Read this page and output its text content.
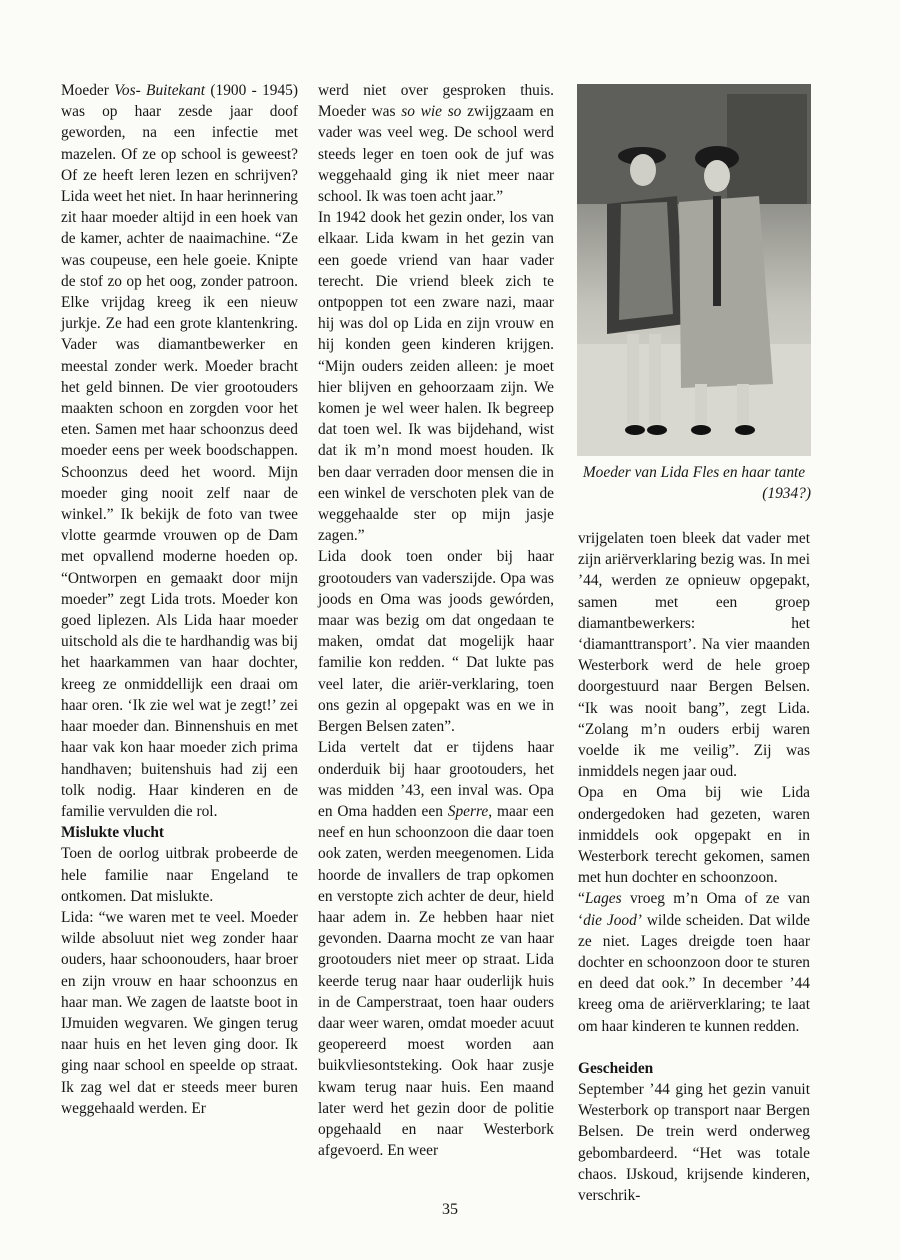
Moeder Vos- Buitekant (1900 - 1945) was op haar zesde jaar doof geworden, na een infectie met mazelen. Of ze op school is geweest? Of ze heeft leren lezen en schrijven? Lida weet het niet. In haar herinnering zit haar moeder altijd in een hoek van de kamer, achter de naaimachine. “Ze was coupeuse, een hele goeie. Knipte de stof zo op het oog, zonder patroon. Elke vrijdag kreeg ik een nieuw jurkje. Ze had een grote klantenkring. Vader was diamantbewerker en meestal zonder werk. Moeder bracht het geld binnen. De vier grootouders maakten schoon en zorgden voor het eten. Samen met haar schoonzus deed moeder eens per week boodschappen. Schoonzus deed het woord. Mijn moeder ging nooit zelf naar de winkel.” Ik bekijk de foto van twee vlotte gearmde vrouwen op de Dam met opvallend moderne hoeden op. “Ontworpen en gemaakt door mijn moeder” zegt Lida trots. Moeder kon goed liplezen. Als Lida haar moeder uitschold als die te hardhandig was bij het haarkammen van haar dochter, kreeg ze onmiddellijk een draai om haar oren. ‘Ik zie wel wat je zegt!’ zei haar moeder dan. Binnenshuis en met haar vak kon haar moeder zich prima handhaven; buitenshuis had zij een tolk nodig. Haar kinderen en de familie vervulden die rol.

Mislukte vlucht

Toen de oorlog uitbrak probeerde de hele familie naar Engeland te ontkomen. Dat mislukte.

Lida: “we waren met te veel. Moeder wilde absoluut niet weg zonder haar ouders, haar schoonouders, haar broer en zijn vrouw en haar schoonzus en haar man. We zagen de laatste boot in IJmuiden wegvaren. We gingen terug naar huis en het leven ging door. Ik ging naar school en speelde op straat. Ik zag wel dat er steeds meer buren weggehaald werden. Er

werd niet over gesproken thuis. Moeder was so wie so zwijgzaam en vader was veel weg. De school werd steeds leger en toen ook de juf was weggehaald ging ik niet meer naar school. Ik was toen acht jaar.”

In 1942 dook het gezin onder, los van elkaar. Lida kwam in het gezin van een goede vriend van haar vader terecht. Die vriend bleek zich te ontpoppen tot een zware nazi, maar hij was dol op Lida en zijn vrouw en hij konden geen kinderen krijgen. “Mijn ouders zeiden alleen: je moet hier blijven en gehoorzaam zijn. We komen je wel weer halen. Ik begreep dat toen wel. Ik was bijdehand, wist dat ik m’n mond moest houden. Ik ben daar verraden door mensen die in een winkel de verschoten plek van de weggehaalde ster op mijn jasje zagen.”

Lida dook toen onder bij haar grootouders van vaderszijde. Opa was joods en Oma was joods gewórden, maar was bezig om dat ongedaan te maken, omdat dat mogelijk haar familie kon redden. “ Dat lukte pas veel later, die ariër-verklaring, toen ons gezin al opgepakt was en we in Bergen Belsen zaten”.

Lida vertelt dat er tijdens haar onderduik bij haar grootouders, het was midden ’43, een inval was. Opa en Oma hadden een Sperre, maar een neef en hun schoonzoon die daar toen ook zaten, werden meegenomen. Lida hoorde de invallers de trap opkomen en verstopte zich achter de deur, hield haar adem in. Ze hebben haar niet gevonden. Daarna mocht ze van haar grootouders niet meer op straat. Lida keerde terug naar haar ouderlijk huis in de Camperstraat, toen haar ouders daar weer waren, omdat moeder acuut geopereerd moest worden aan buikvliesontsteking. Ook haar zusje kwam terug naar huis. Een maand later werd het gezin door de politie opgehaald en naar Westerbork afgevoerd. En weer

Moeder van Lida Fles en haar tante
(1934?)

vrijgelaten toen bleek dat vader met zijn ariërverklaring bezig was. In mei ’44, werden ze opnieuw opgepakt, samen met een groep diamantbewerkers: het ‘diamanttransport’. Na vier maanden Westerbork werd de hele groep doorgestuurd naar Bergen Belsen. “Ik was nooit bang”, zegt Lida. “Zolang m’n ouders erbij waren voelde ik me veilig”. Zij was inmiddels negen jaar oud.

Opa en Oma bij wie Lida ondergedoken had gezeten, waren inmiddels ook opgepakt en in Westerbork terecht gekomen, samen met hun dochter en schoonzoon.

“Lages vroeg m’n Oma of ze van ‘die Jood’ wilde scheiden. Dat wilde ze niet. Lages dreigde toen haar dochter en schoonzoon door te sturen en deed dat ook.” In december ’44 kreeg oma de ariërverklaring; te laat om haar kinderen te kunnen redden.

Gescheiden

September ’44 ging het gezin vanuit Westerbork op transport naar Bergen Belsen. De trein werd onderweg gebombardeerd. “Het was totale chaos. IJskoud, krijsende kinderen, verschrik-

35
